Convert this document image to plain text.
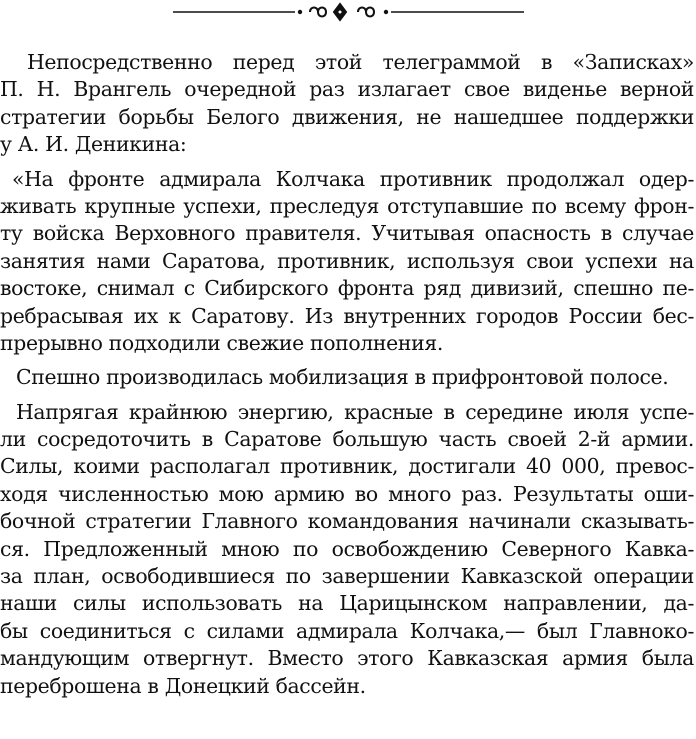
Непосредственно перед этой телеграммой в «Записках»
П. Н. Врангель очередной раз излагает свое виденье верной
стратегии борьбы Белого движения, не нашедшее поддержки
у А. И. Деникина:
«На фронте адмирала Колчака противник продолжал одер-
живать крупные успехи, преследуя отступавшие по всему фрон-
ту войска Верховного правителя. Учитывая опасность в случае
занятия нами Саратова, противник, используя свои успехи на
востоке, снимал с Сибирского фронта ряд дивизий, спешно пе-
ребрасывая их к Саратову. Из внутренних городов России бес-
прерывно подходили свежие пополнения.
Спешно производилась мобилизация в прифронтовой полосе.
Напрягая крайнюю энергию, красные в середине июля успе-
ли сосредоточить в Саратове большую часть своей 2-й армии.
Силы, коими располагал противник, достигали 40 000, превос-
ходя численностью мою армию во много раз. Результаты оши-
бочной стратегии Главного командования начинали сказывать-
ся. Предложенный мною по освобождению Северного Кавка-
за план, освободившиеся по завершении Кавказской операции
наши силы использовать на Царицынском направлении, да-
бы соединиться с силами адмирала Колчака,— был Главноко-
мандующим отвергнут. Вместо этого Кавказская армия была
переброшена в Донецкий бассейн.
